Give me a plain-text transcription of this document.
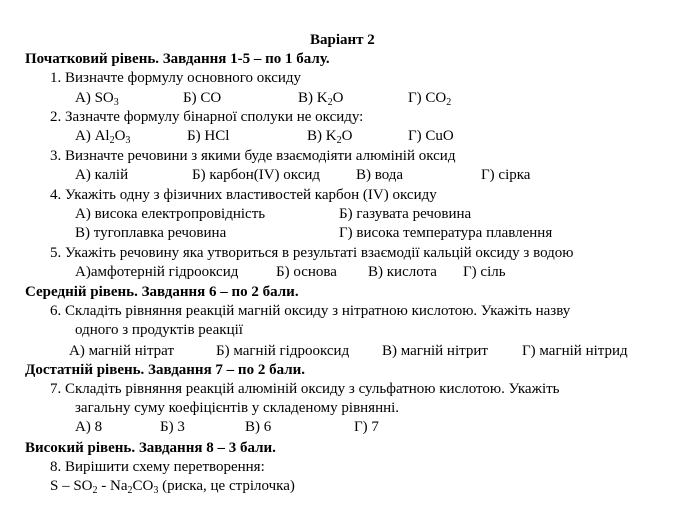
Варіант 2
Початковий рівень. Завдання 1-5 – по 1 балу.
1. Визначте формулу основного оксиду
А) $SO_3$	Б) CO	В) $K_2O$	Г) $CO_2$
2. Зазначте формулу бінарної сполуки не оксиду:
А) $Al_2O_3$	Б) HCl	В) $K_2O$	Г) CuO
3. Визначте речовини з якими буде взаємодіяти алюміній оксид
А) калій	Б) карбон(IV) оксид В) вода	Г) сірка
4. Укажіть одну з фізичних властивостей карбон (IV) оксиду
А) висока електропровідність	Б) газувата речовина
В) тугоплавка речовина	Г) висока температура плавлення
5. Укажіть речовину яка утвориться в результаті взаємодії кальцій оксиду з водою
А)амфотерній гідрооксид	Б) основа В) кислота Г) сіль
Середній рівень. Завдання 6 – по 2 бали.
6. Складіть рівняння реакцій магній оксиду з нітратною кислотою. Укажіть назву
одного з продуктів реакції
А) магній нітрат	Б) магній гідрооксид В) магній нітрит Г) магній нітрид
Достатній рівень. Завдання 7 – по 2 бали.
7. Складіть рівняння реакцій алюміній оксиду з сульфатною кислотою. Укажіть
загальну суму коефіцієнтів у складеному рівнянні.
А) 8	Б) 3	В) 6	Г) 7
Високий рівень. Завдання 8 – 3 бали.
8. Вирішити схему перетворення:
S – $SO_2 - Na_2CO_3$ (риска, це стрілочка)
